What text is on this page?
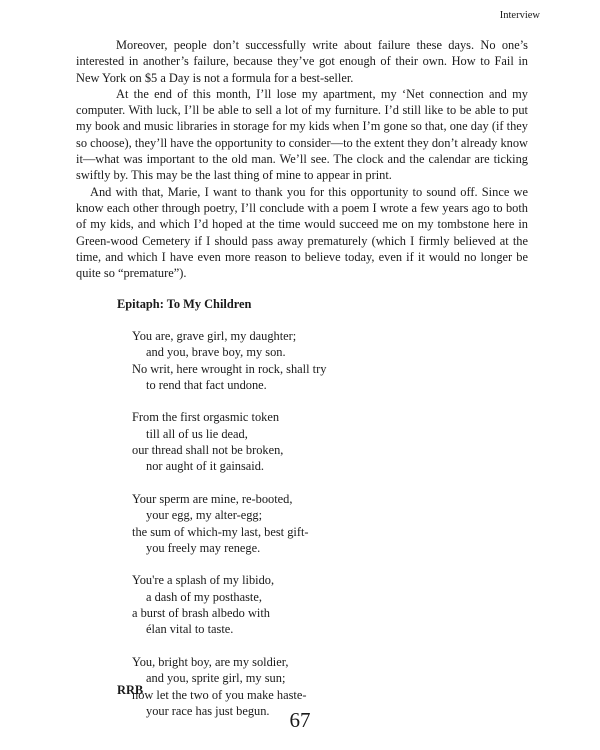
Interview

Moreover, people don’t successfully write about failure these days. No one’s interested in another’s failure, because they’ve got enough of their own. How to Fail in New York on $5 a Day is not a formula for a best-seller.

At the end of this month, I’ll lose my apartment, my ‘Net connection and my computer. With luck, I’ll be able to sell a lot of my furniture. I’d still like to be able to put my book and music libraries in storage for my kids when I’m gone so that, one day (if they so choose), they’ll have the opportunity to consider—to the extent they don’t already know it—what was important to the old man. We’ll see. The clock and the calendar are ticking swiftly by. This may be the last thing of mine to appear in print.

And with that, Marie, I want to thank you for this opportunity to sound off. Since we know each other through poetry, I’ll conclude with a poem I wrote a few years ago to both of my kids, and which I’d hoped at the time would succeed me on my tombstone here in Green-wood Cemetery if I should pass away prematurely (which I firmly believed at the time, and which I have even more reason to believe today, even if it would no longer be quite so “premature”).

Epitaph: To My Children
You are, grave girl, my daughter;
and you, brave boy, my son.
No writ, here wrought in rock, shall try
to rend that fact undone.
From the first orgasmic token
till all of us lie dead,
our thread shall not be broken,
nor aught of it gainsaid.
Your sperm are mine, re-booted,
your egg, my alter-egg;
the sum of which-my last, best gift-
you freely may renege.
You're a splash of my libido,
a dash of my posthaste,
a burst of brash albedo with
élan vital to taste.
You, bright boy, are my soldier,
and you, sprite girl, my sun;
now let the two of you make haste-
your race has just begun.
RRB
67
